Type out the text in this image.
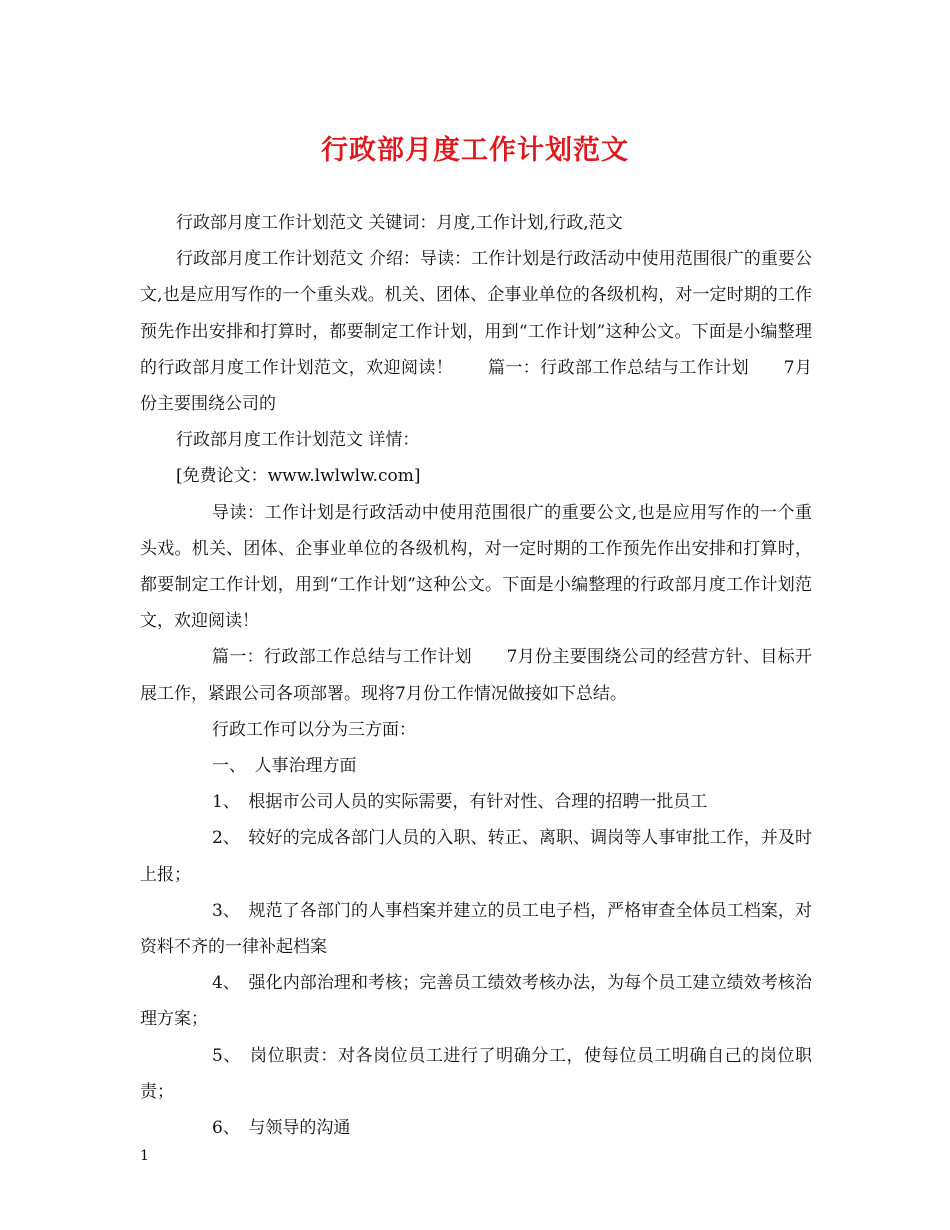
行政部月度工作计划范文

行政部月度工作计划范文 关键词：月度,工作计划,行政,范文

行政部月度工作计划范文 介绍：导读：工作计划是行政活动中使用范围很广的重要公文,也是应用写作的一个重头戏。机关、团体、企事业单位的各级机构，对一定时期的工作预先作出安排和打算时，都要制定工作计划，用到“工作计划”这种公文。下面是小编整理的行政部月度工作计划范文，欢迎阅读！　　篇一：行政部工作总结与工作计划　　7月份主要围绕公司的

行政部月度工作计划范文 详情：

[免费论文：www.lwlwlw.com]

导读：工作计划是行政活动中使用范围很广的重要公文,也是应用写作的一个重头戏。机关、团体、企事业单位的各级机构，对一定时期的工作预先作出安排和打算时，都要制定工作计划，用到“工作计划”这种公文。下面是小编整理的行政部月度工作计划范文，欢迎阅读！

篇一：行政部工作总结与工作计划　　7月份主要围绕公司的经营方针、目标开展工作，紧跟公司各项部署。现将7月份工作情况做接如下总结。

行政工作可以分为三方面：

一、　人事治理方面

1、　根据市公司人员的实际需要，有针对性、合理的招聘一批员工

2、　较好的完成各部门人员的入职、转正、离职、调岗等人事审批工作，并及时上报；

3、　规范了各部门的人事档案并建立的员工电子档，严格审查全体员工档案，对资料不齐的一律补起档案

4、　强化内部治理和考核；完善员工绩效考核办法，为每个员工建立绩效考核治理方案；

5、　岗位职责：对各岗位员工进行了明确分工，使每位员工明确自己的岗位职责；

6、　与领导的沟通

1
